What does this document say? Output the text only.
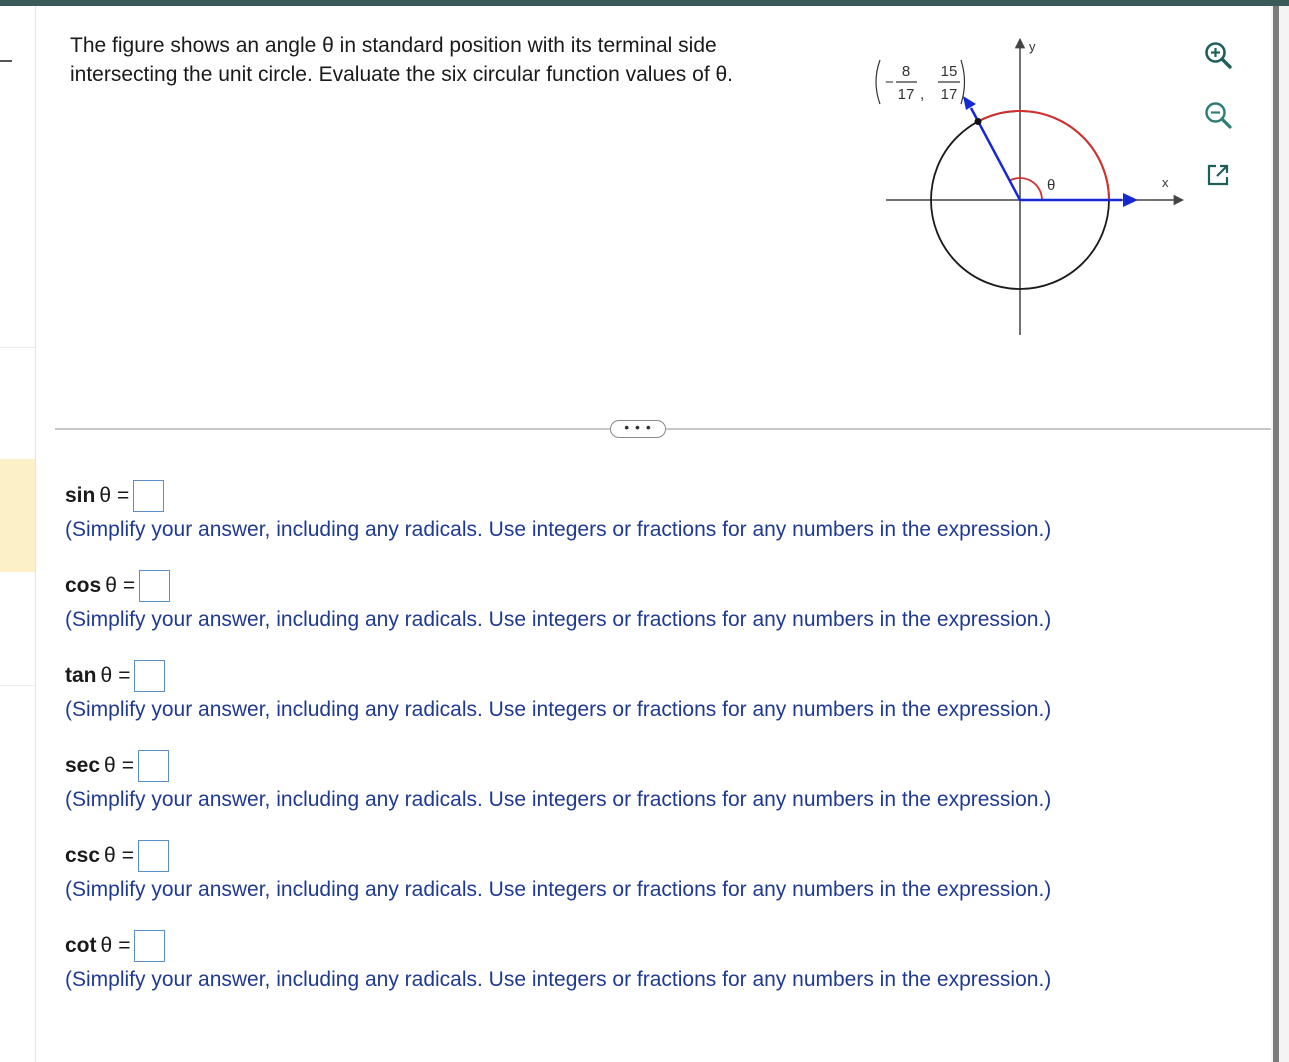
The figure shows an angle θ in standard position with its terminal side
intersecting the unit circle. Evaluate the six circular function values of θ.
x
y
θ
−
8
17 ,
15
17
• • •
sin θ =
(Simplify your answer, including any radicals. Use integers or fractions for any numbers in the expression.)
cos θ =
(Simplify your answer, including any radicals. Use integers or fractions for any numbers in the expression.)
tan θ =
(Simplify your answer, including any radicals. Use integers or fractions for any numbers in the expression.)
sec θ =
(Simplify your answer, including any radicals. Use integers or fractions for any numbers in the expression.)
csc θ =
(Simplify your answer, including any radicals. Use integers or fractions for any numbers in the expression.)
cot θ =
(Simplify your answer, including any radicals. Use integers or fractions for any numbers in the expression.)
